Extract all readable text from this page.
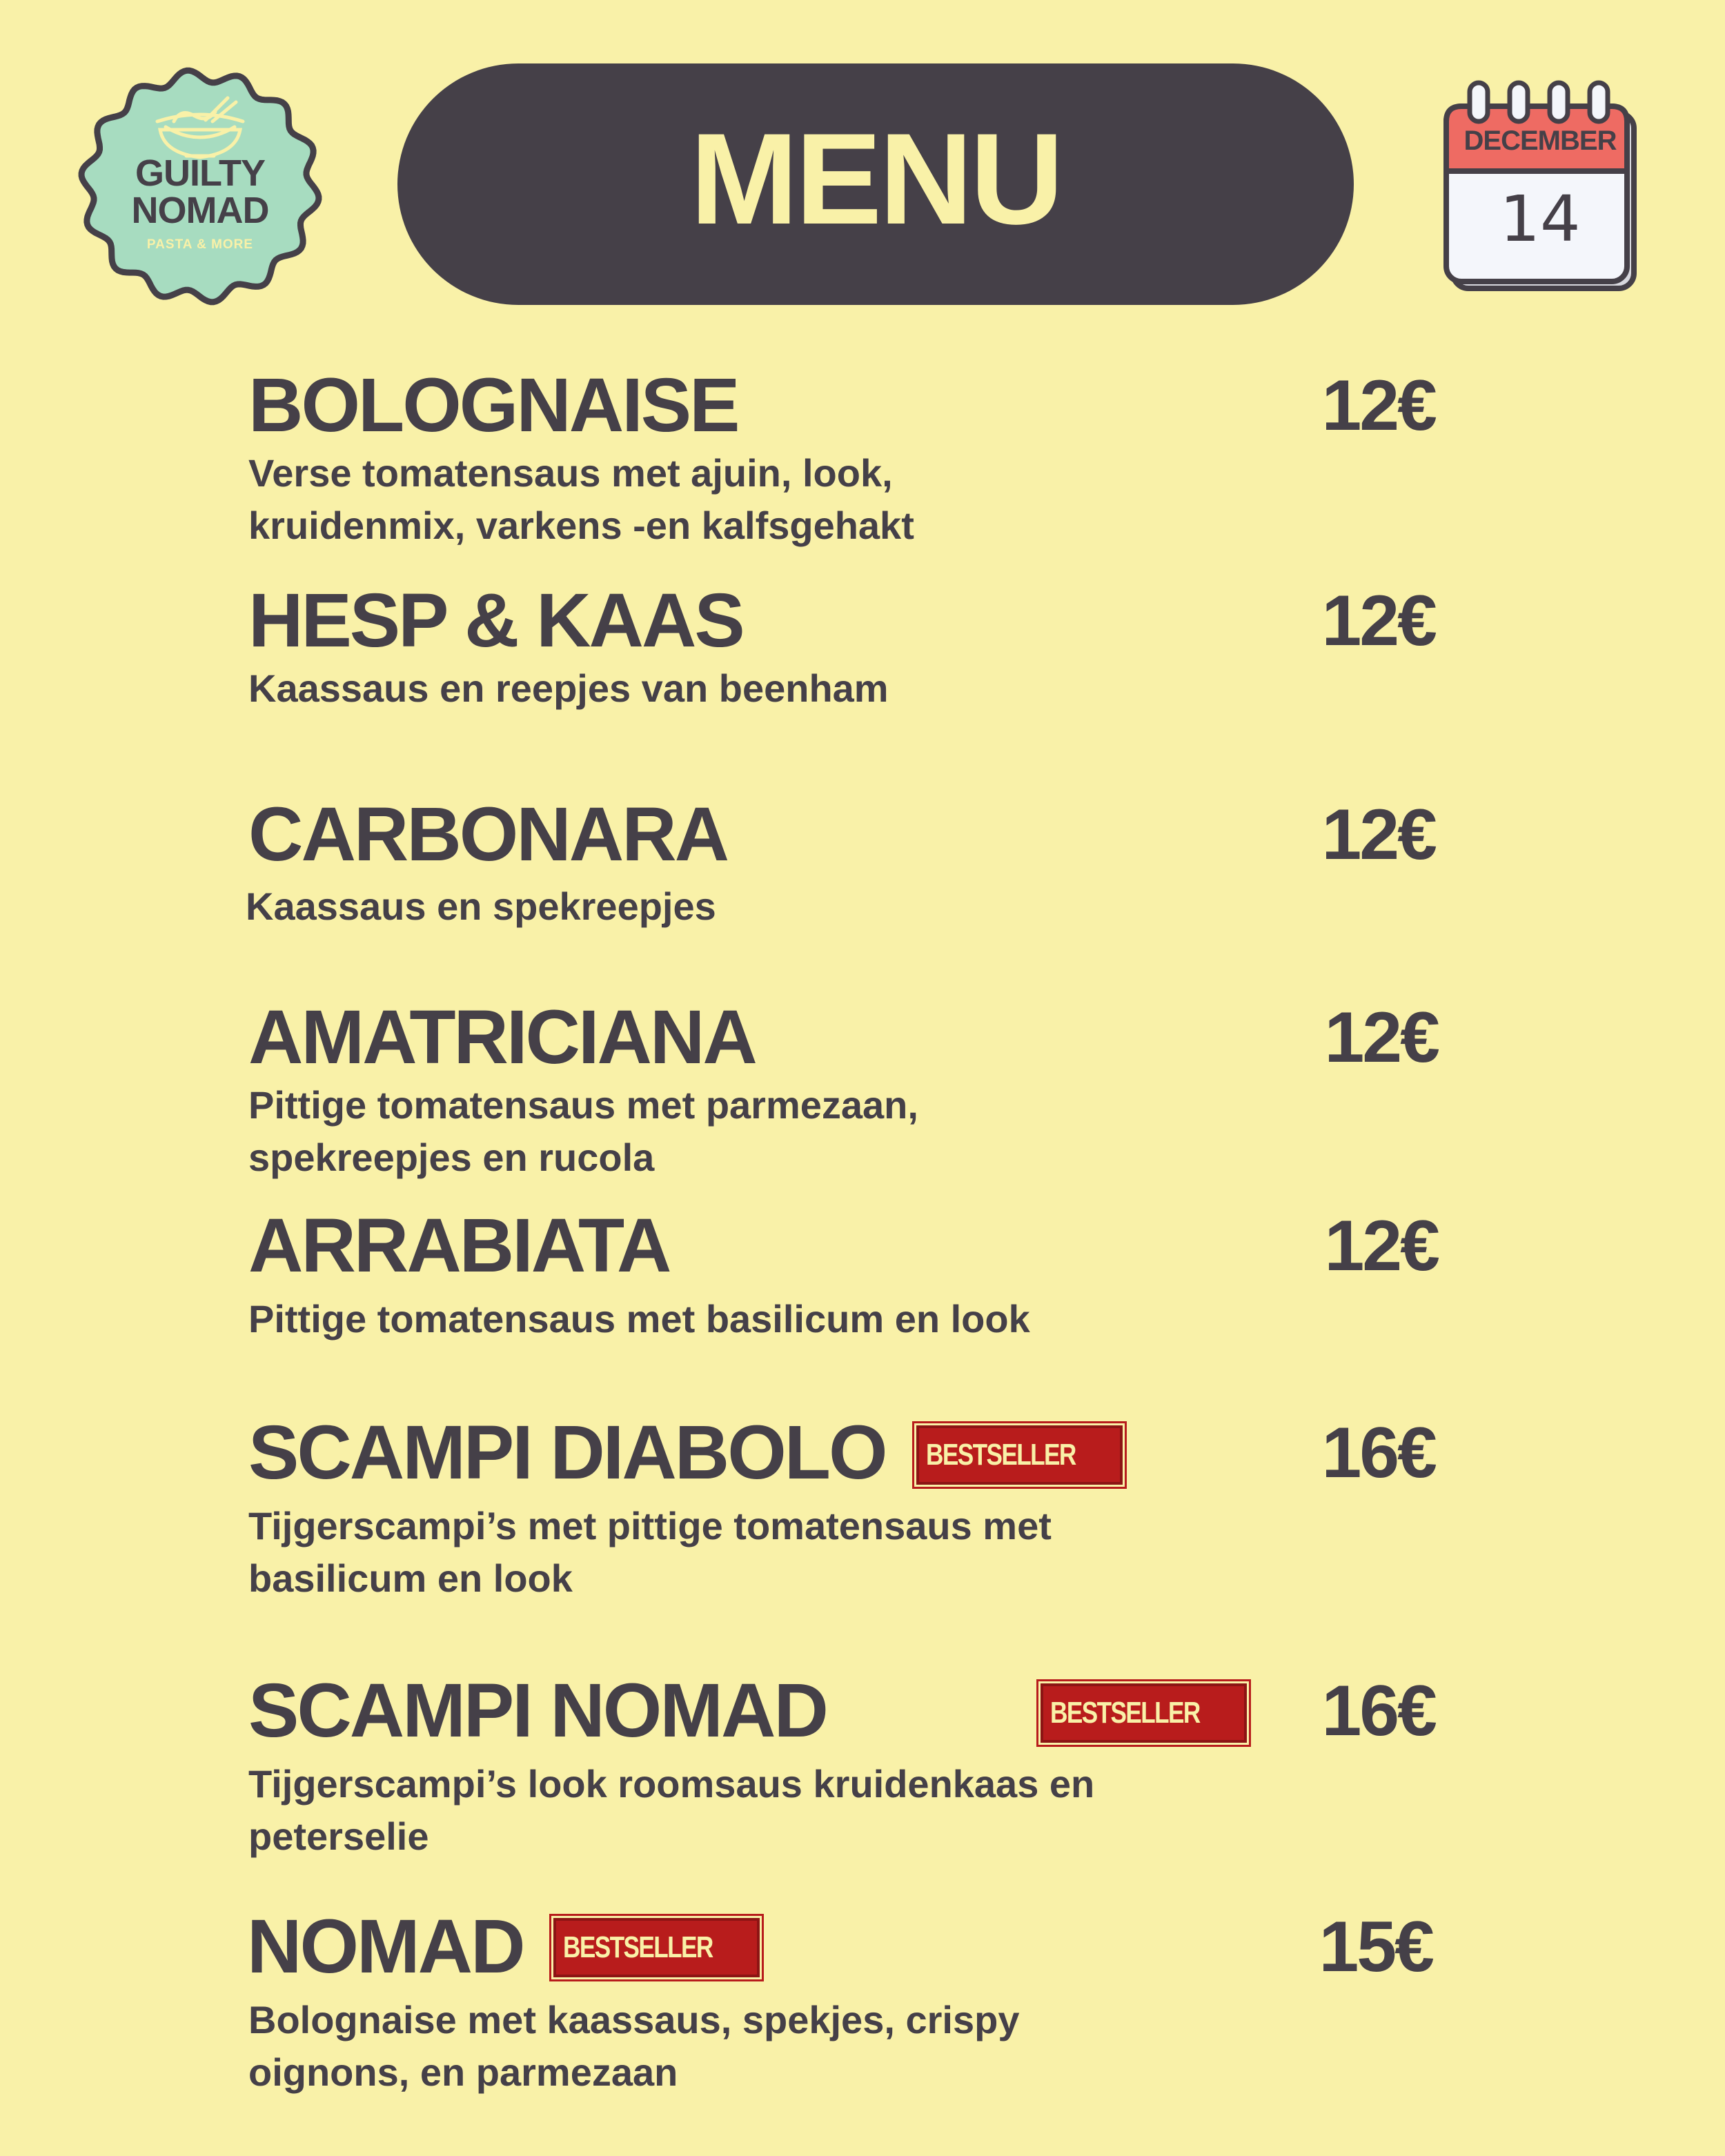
GUILTY
NOMAD
PASTA & MORE	MENU	DECEMBER
14
BOLOGNAISE	12€
Verse tomatensaus met ajuin, look, kruidenmix, varkens -en kalfsgehakt
HESP & KAAS	12€
Kaassaus en reepjes van beenham
CARBONARA	12€
Kaassaus en spekreepjes
AMATRICIANA	12€
Pittige tomatensaus met parmezaan, spekreepjes en rucola
ARRABIATA	12€
Pittige tomatensaus met basilicum en look
SCAMPI DIABOLO BESTSELLER	16€
Tijgerscampi’s met pittige tomatensaus met basilicum en look
SCAMPI NOMAD	BESTSELLER 16€
Tijgerscampi’s look roomsaus kruidenkaas en peterselie
NOMAD BESTSELLER	15€
Bolognaise met kaassaus, spekjes, crispy oignons, en parmezaan
